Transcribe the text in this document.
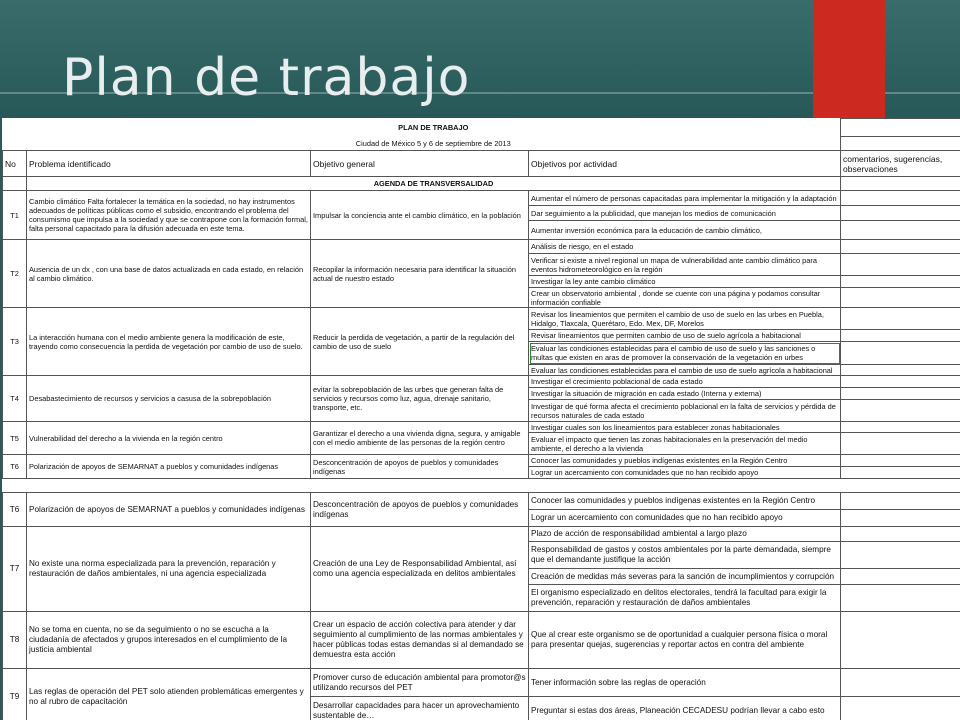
Plan de trabajo
	PLAN DE TRABAJO			
	Ciudad de México 5 y 6 de septiembre de 2013			
No	Problema identificado	Objetivo general	Objetivos por actividad	comentarios, sugerencias, observaciones
	AGENDA DE TRANSVERSALIDAD			
T1	Cambio climático Falta fortalecer la temática en la sociedad, no hay instrumentos adecuados de políticas públicas como el subsidio, encontrando el problema del consumismo que impulsa a la sociedad y que se contrapone con la formación formal, falta personal capacitado para la difusión adecuada en este tema.	Impulsar la conciencia ante el cambio climático, en la población	Aumentar el número de personas capacitadas para implementar la mitigación y la adaptación	
			Dar seguimiento a la publicidad, que manejan los medios de comunicación	
			Aumentar inversión económica para la educación de cambio climático,	
T2	Ausencia de un dx , con una base de datos actualizada en cada estado, en relación al cambio climático.	Recopilar la información necesaria para identificar la situación actual de nuestro estado	Análisis de riesgo, en el estado	
			Verificar si existe a nivel regional un mapa de vulnerabilidad ante cambio climático para eventos hidrometeorológico en la región	
			Investigar la ley ante cambio climático	
			Crear un observatorio ambiental , donde se cuente con una página y podamos consultar información confiable	
T3	La interacción humana con el medio ambiente genera la modificación de este, trayendo como consecuencia la perdida de vegetación por cambio de uso de suelo.	Reducir la perdida de vegetación, a partir de la regulación del cambio de uso de suelo	Revisar los lineamientos que permiten el cambio de uso de suelo en las urbes en Puebla, Hidalgo, Tlaxcala, Querétaro, Edo. Mex, DF, Morelos	
			Revisar lineamientos que permiten cambio de uso de suelo agrícola a habitacional	
			Evaluar las condiciones establecidas para el cambio de uso de suelo y las sanciones o multas que existen en aras de promover la conservación de la vegetación en urbes	
			Evaluar las condiciones establecidas para el cambio de uso de suelo agrícola a habitacional	
T4	Desabastecimiento de recursos y servicios a casusa de la sobrepoblación	evitar la sobrepoblación de las urbes que generan falta de servicios y recursos como luz, agua, drenaje sanitario, transporte, etc.	Investigar el crecimiento poblacional de cada estado	
			Investigar la situación de migración en cada estado (Interna y externa)	
			Investigar de qué forma afecta el crecimiento poblacional en la falta de servicios y pérdida de recursos naturales de cada estado	
T5	Vulnerabilidad del derecho a la vivienda en la región centro	Garantizar el derecho a una vivienda digna, segura, y amigable con el medio ambiente de las personas de la región centro	Investigar cuales son los lineamientos para establecer zonas habitacionales	
			Evaluar el impacto que tienen las zonas habitacionales en la preservación del medio ambiente, el derecho a la vivienda	
T6	Polarización de apoyos de SEMARNAT a pueblos y comunidades indígenas	Desconcentración de apoyos de pueblos y comunidades indígenas	Conocer las comunidades y pueblos indígenas existentes en la Región Centro	
			Lograr un acercamiento con comunidades que no han recibido apoyo	
T6	Polarización de apoyos de SEMARNAT a pueblos y comunidades indígenas	Desconcentración de apoyos de pueblos y comunidades indígenas	Conocer las comunidades y pueblos indígenas existentes en la Región Centro	
			Lograr un acercamiento con comunidades que no han recibido apoyo	
T7	No existe una norma especializada para la prevención, reparación y restauración de daños ambientales, ni una agencia especializada	Creación de una Ley de Responsabilidad Ambiental, así como una agencia especializada en delitos ambientales	Plazo de acción de responsabilidad ambiental a largo plazo	
			Responsabilidad de gastos y costos ambientales por la parte demandada, siempre que el demandante justifique la acción	
			Creación de medidas más severas para la sanción de incumplimientos y corrupción	
			El organismo especializado en delitos electorales, tendrá la facultad para exigir la prevención, reparación y restauración de daños ambientales	
T8	No se toma en cuenta, no se da seguimiento o no se escucha a la ciudadanía de afectados y grupos interesados en el cumplimiento de la justicia ambiental	Crear un espacio de acción colectiva para atender y dar seguimiento al cumplimiento de las normas ambientales y hacer públicas todas estas demandas si al demandado se demuestra esta acción	Que al crear este organismo se de oportunidad a cualquier persona física o moral para presentar quejas, sugerencias y reportar actos en contra del ambiente	
T9	Las reglas de operación del PET solo atienden problemáticas emergentes y no al rubro de capacitación	Promover curso de educación ambiental para promotor@s utilizando recursos del PET	Tener información sobre las reglas de operación	
		Desarrollar capacidades para hacer un aprovechamiento sustentable de…	Preguntar si estas dos áreas, Planeación CECADESU podrían llevar a cabo esto	
